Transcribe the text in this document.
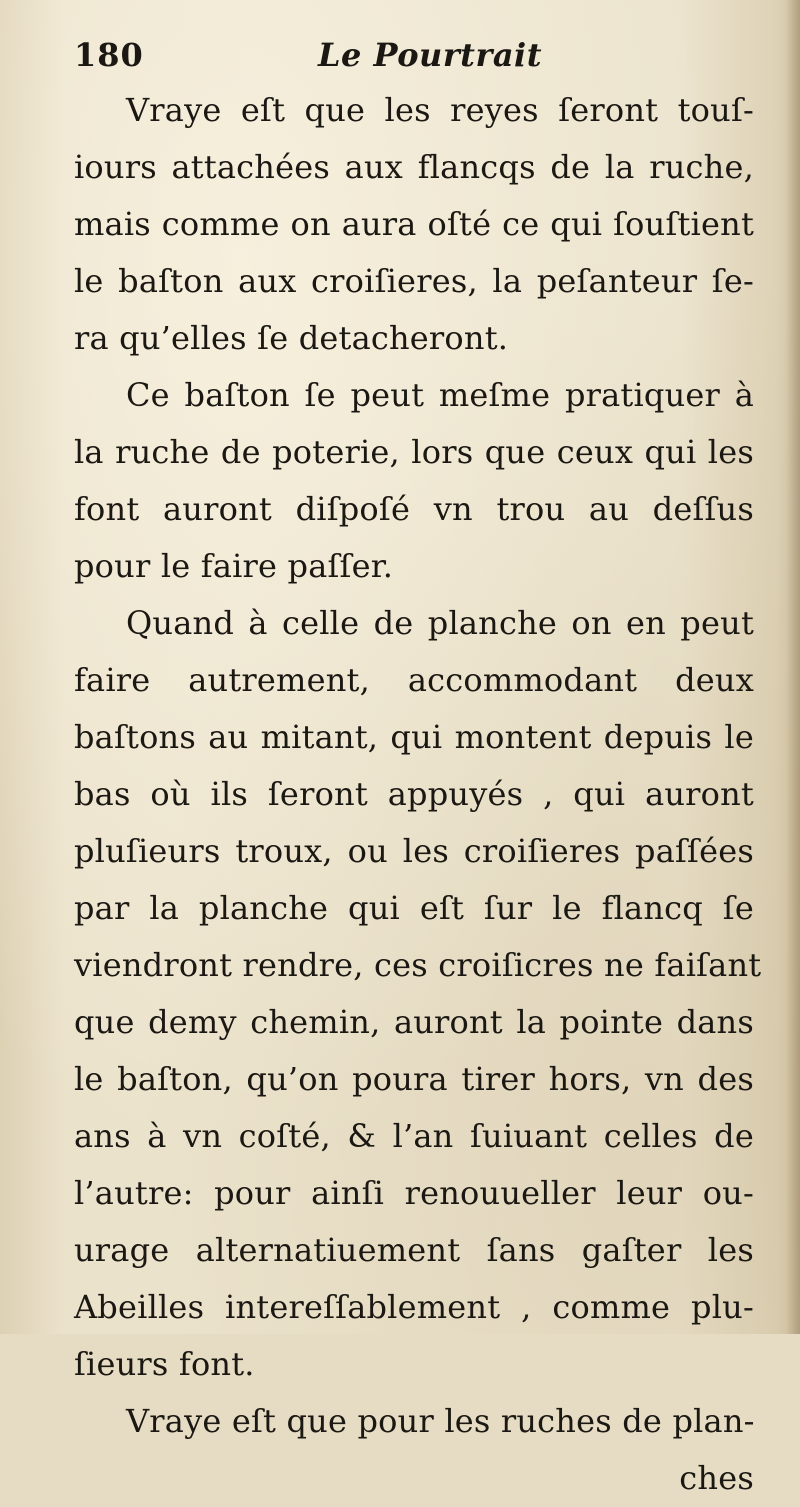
180	Le Pourtrait
Vraye eſt que les reyes ſeront touſ-
iours attachées aux flancqs de la ruche,
mais comme on aura oſté ce qui ſouſtient
le baſton aux croiſieres, la peſanteur ſe-
ra qu’elles ſe detacheront.
Ce baſton ſe peut meſme pratiquer à
la ruche de poterie, lors que ceux qui les
font auront diſpoſé vn trou au deſſus
pour le faire paſſer.
Quand à celle de planche on en peut
faire autrement, accommodant deux
baſtons au mitant, qui montent depuis le
bas où ils ſeront appuyés , qui auront
pluſieurs troux, ou les croiſieres paſſées
par la planche qui eſt ſur le flancq ſe
viendront rendre, ces croiſicres ne faiſant
que demy chemin, auront la pointe dans
le baſton, qu’on poura tirer hors, vn des
ans à vn coſté, & l’an ſuiuant celles de
l’autre: pour ainſi renouueller leur ou-
urage alternatiuement ſans gaſter les
Abeilles intereſſablement , comme plu-
ſieurs font.
Vraye eſt que pour les ruches de plan-
ches
